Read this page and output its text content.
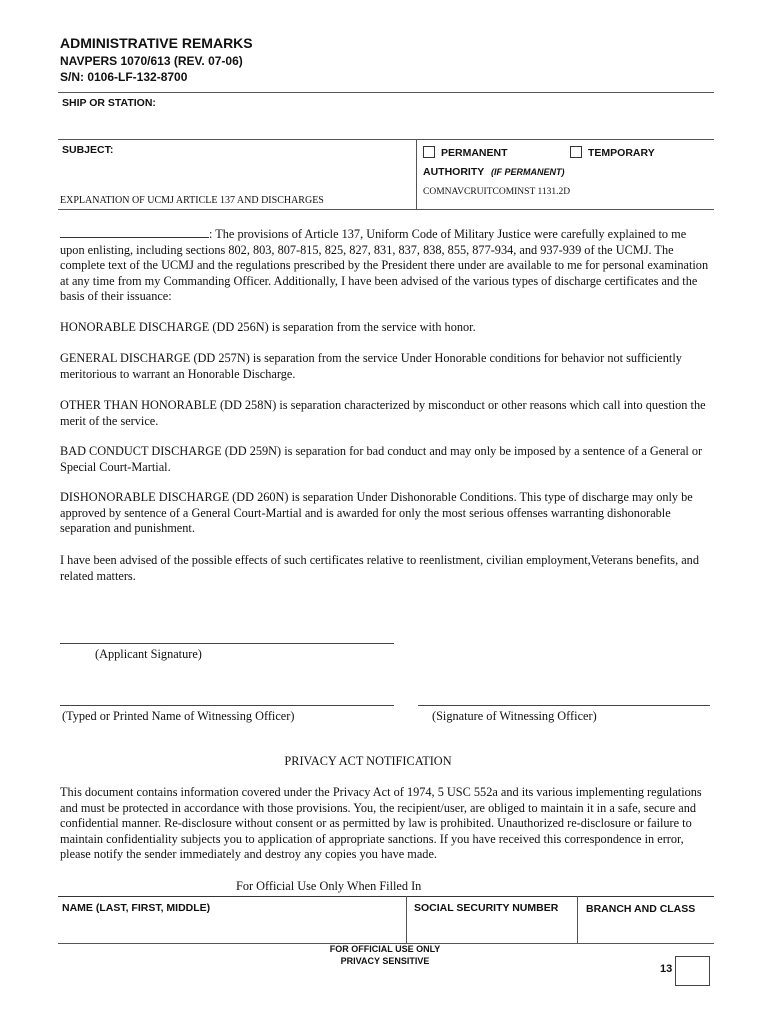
ADMINISTRATIVE REMARKS
NAVPERS 1070/613 (REV. 07-06)
S/N: 0106-LF-132-8700
SHIP OR STATION:
SUBJECT:
EXPLANATION OF UCMJ ARTICLE 137 AND DISCHARGES
PERMANENT	TEMPORARY
AUTHORITY (IF PERMANENT)
COMNAVCRUITCOMINST 1131.2D
: The provisions of Article 137, Uniform Code of Military Justice were carefully explained to me upon enlisting, including sections 802, 803, 807-815, 825, 827, 831, 837, 838, 855, 877-934, and 937-939 of the UCMJ. The complete text of the UCMJ and the regulations prescribed by the President there under are available to me for personal examination at any time from my Commanding Officer. Additionally, I have been advised of the various types of discharge certificates and the basis of their issuance:
HONORABLE DISCHARGE (DD 256N) is separation from the service with honor.
GENERAL DISCHARGE (DD 257N) is separation from the service Under Honorable conditions for behavior not sufficiently meritorious to warrant an Honorable Discharge.
OTHER THAN HONORABLE (DD 258N) is separation characterized by misconduct or other reasons which call into question the merit of the service.
BAD CONDUCT DISCHARGE (DD 259N) is separation for bad conduct and may only be imposed by a sentence of a General or Special Court-Martial.
DISHONORABLE DISCHARGE (DD 260N) is separation Under Dishonorable Conditions. This type of discharge may only be approved by sentence of a General Court-Martial and is awarded for only the most serious offenses warranting dishonorable separation and punishment.
I have been advised of the possible effects of such certificates relative to reenlistment, civilian employment,Veterans benefits, and related matters.
(Applicant Signature)
(Typed or Printed Name of Witnessing Officer)	(Signature of Witnessing Officer)
PRIVACY ACT NOTIFICATION
This document contains information covered under the Privacy Act of 1974, 5 USC 552a and its various implementing regulations and must be protected in accordance with those provisions. You, the recipient/user, are obliged to maintain it in a safe, secure and confidential manner. Re-disclosure without consent or as permitted by law is prohibited. Unauthorized re-disclosure or failure to maintain confidentiality subjects you to application of appropriate sanctions. If you have received this correspondence in error, please notify the sender immediately and destroy any copies you have made.
For Official Use Only When Filled In
NAME (LAST, FIRST, MIDDLE)	SOCIAL SECURITY NUMBER	BRANCH AND CLASS
FOR OFFICIAL USE ONLY
PRIVACY SENSITIVE
13
